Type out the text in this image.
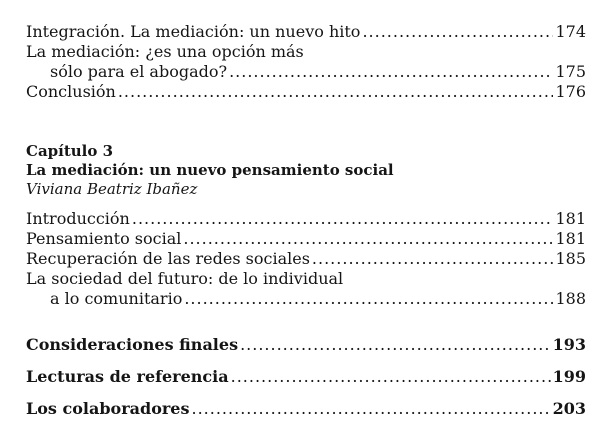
Integración. La mediación: un nuevo hito .....	174
La mediación: ¿es una opción más
sólo para el abogado? .....	175
Conclusión .....	176
Capítulo 3
La mediación: un nuevo pensamiento social
Viviana Beatriz Ibañez
Introducción .....	181
Pensamiento social .....	181
Recuperación de las redes sociales .....	185
La sociedad del futuro: de lo individual
a lo comunitario .....	188
Consideraciones finales .....	193
Lecturas de referencia .....	199
Los colaboradores .....	203
